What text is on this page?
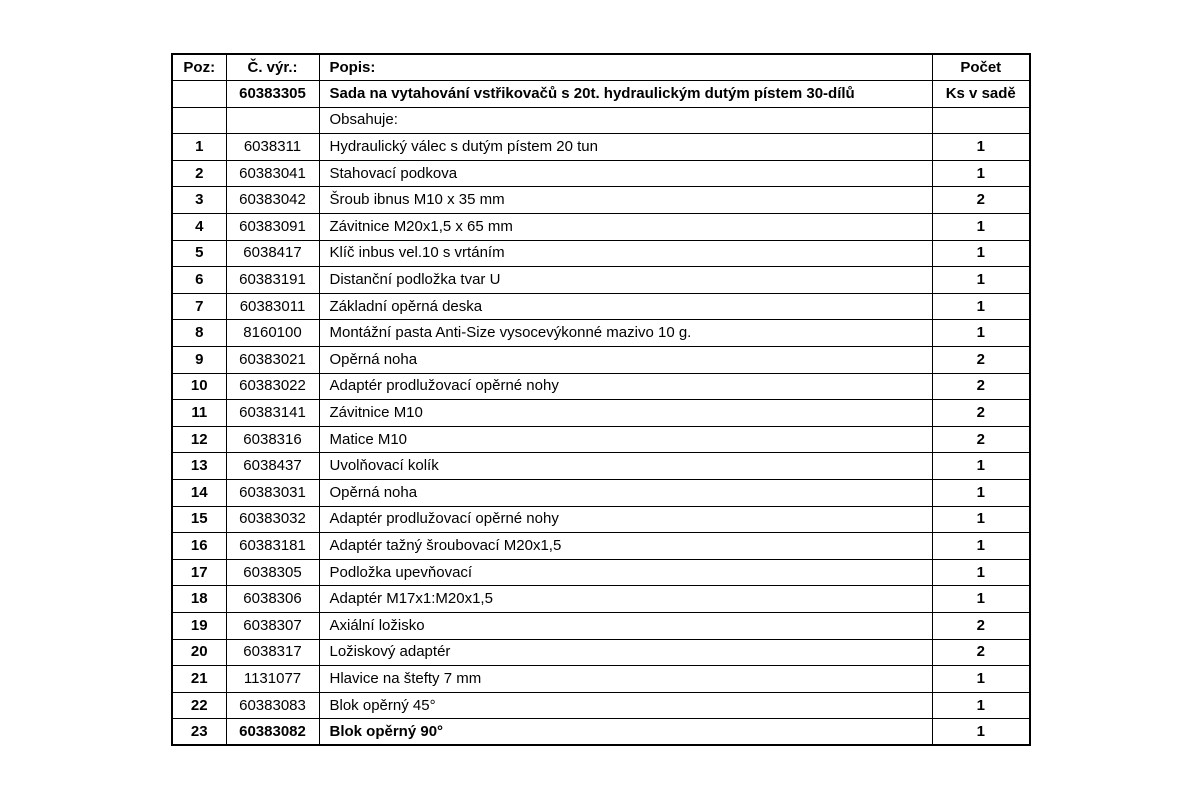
Poz:	Č. výr.:	Popis:	Počet
	60383305	Sada na vytahování vstřikovačů s 20t. hydraulickým dutým pístem 30-dílů	Ks v sadě
		Obsahuje:	
1	6038311	Hydraulický válec s dutým pístem 20 tun	1
2	60383041	Stahovací podkova	1
3	60383042	Šroub ibnus M10 x 35 mm	2
4	60383091	Závitnice M20x1,5 x 65 mm	1
5	6038417	Klíč inbus vel.10 s vrtáním	1
6	60383191	Distanční podložka tvar U	1
7	60383011	Základní opěrná deska	1
8	8160100	Montážní pasta Anti-Size vysocevýkonné mazivo 10 g.	1
9	60383021	Opěrná noha	2
10	60383022	Adaptér prodlužovací opěrné nohy	2
11	60383141	Závitnice M10	2
12	6038316	Matice M10	2
13	6038437	Uvolňovací kolík	1
14	60383031	Opěrná noha	1
15	60383032	Adaptér prodlužovací opěrné nohy	1
16	60383181	Adaptér tažný šroubovací M20x1,5	1
17	6038305	Podložka upevňovací	1
18	6038306	Adaptér M17x1:M20x1,5	1
19	6038307	Axiální ložisko	2
20	6038317	Ložiskový adaptér	2
21	1131077	Hlavice na štefty 7 mm	1
22	60383083	Blok opěrný 45°	1
23	60383082	Blok opěrný 90°	1
